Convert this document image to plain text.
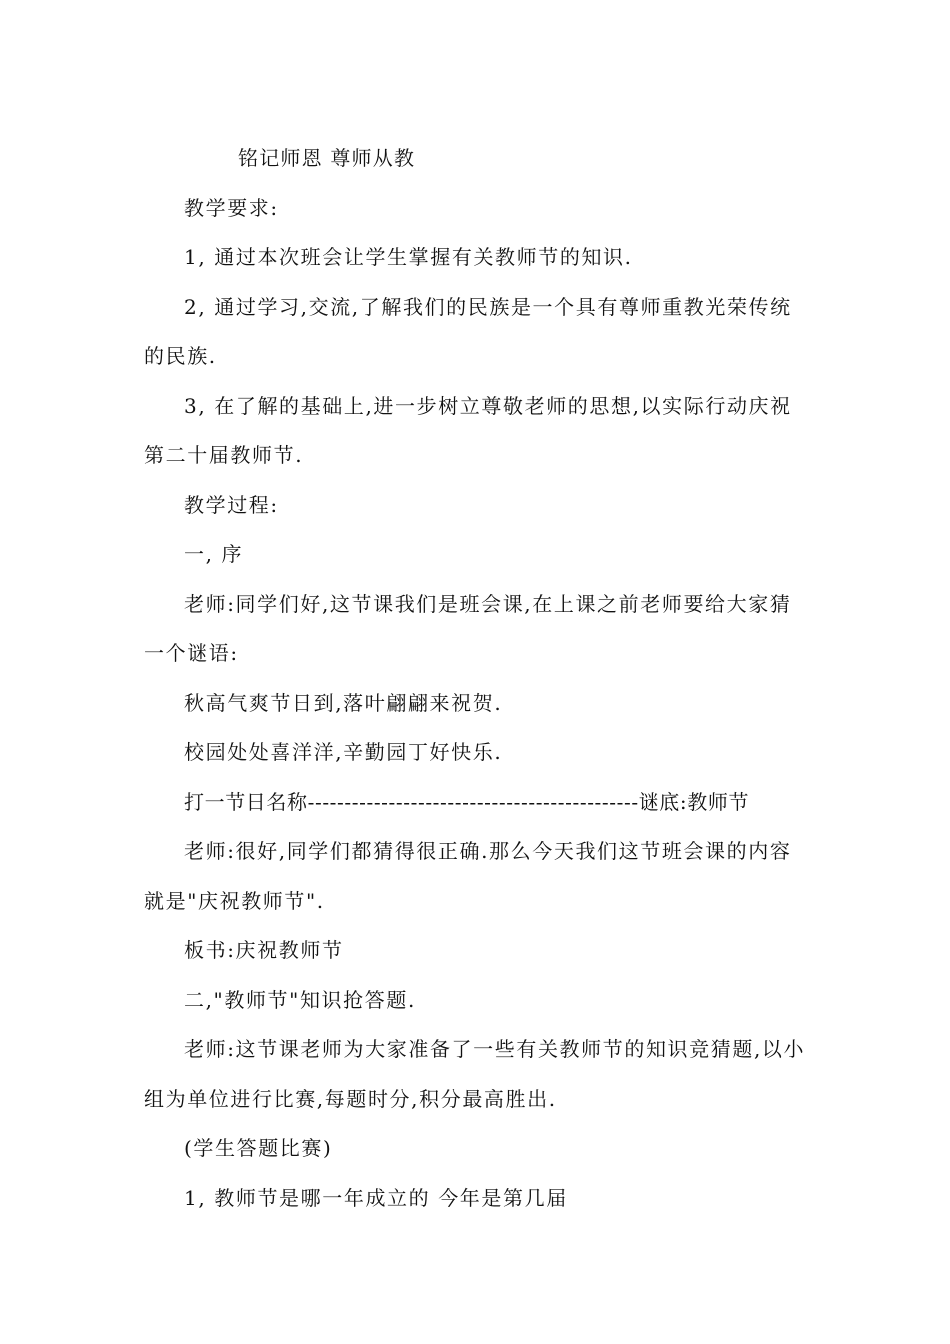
铭记师恩 尊师从教

教学要求:

1, 通过本次班会让学生掌握有关教师节的知识.

2, 通过学习,交流,了解我们的民族是一个具有尊师重教光荣传统的民族.

3, 在了解的基础上,进一步树立尊敬老师的思想,以实际行动庆祝第二十届教师节.

教学过程:

一, 序

老师:同学们好,这节课我们是班会课,在上课之前老师要给大家猜一个谜语:

秋高气爽节日到,落叶翩翩来祝贺.

校园处处喜洋洋,辛勤园丁好快乐.

打一节日名称---------------------------------------------谜底:教师节

老师:很好,同学们都猜得很正确.那么今天我们这节班会课的内容就是"庆祝教师节".

板书:庆祝教师节

二,"教师节"知识抢答题.

老师:这节课老师为大家准备了一些有关教师节的知识竞猜题,以小组为单位进行比赛,每题时分,积分最高胜出.

(学生答题比赛)

1, 教师节是哪一年成立的 今年是第几届
